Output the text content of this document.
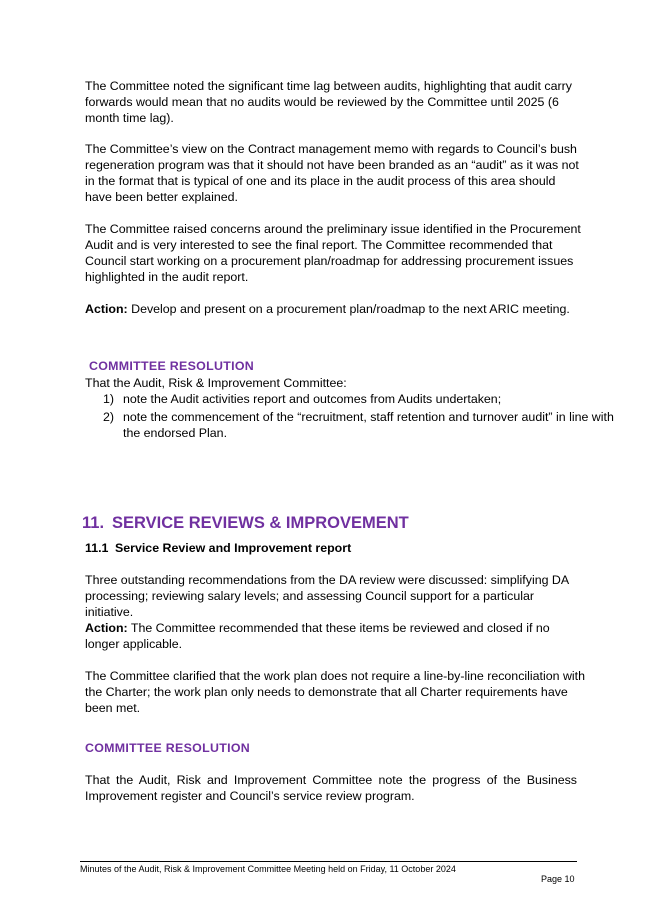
The Committee noted the significant time lag between audits, highlighting that audit carry forwards would mean that no audits would be reviewed by the Committee until 2025 (6 month time lag).

The Committee’s view on the Contract management memo with regards to Council’s bush regeneration program was that it should not have been branded as an “audit” as it was not in the format that is typical of one and its place in the audit process of this area should have been better explained.

The Committee raised concerns around the preliminary issue identified in the Procurement Audit and is very interested to see the final report. The Committee recommended that Council start working on a procurement plan/roadmap for addressing procurement issues highlighted in the audit report.

Action: Develop and present on a procurement plan/roadmap to the next ARIC meeting.

COMMITTEE RESOLUTION
That the Audit, Risk & Improvement Committee:
1) note the Audit activities report and outcomes from Audits undertaken;
2) note the commencement of the “recruitment, staff retention and turnover audit” in line with the endorsed Plan.
11. SERVICE REVIEWS & IMPROVEMENT
11.1 Service Review and Improvement report

Three outstanding recommendations from the DA review were discussed: simplifying DA processing; reviewing salary levels; and assessing Council support for a particular initiative.

Action: The Committee recommended that these items be reviewed and closed if no longer applicable.

The Committee clarified that the work plan does not require a line-by-line reconciliation with the Charter; the work plan only needs to demonstrate that all Charter requirements have been met.

COMMITTEE RESOLUTION

That the Audit, Risk and Improvement Committee note the progress of the Business Improvement register and Council’s service review program.

Minutes of the Audit, Risk & Improvement Committee Meeting held on Friday, 11 October 2024
Page 10
